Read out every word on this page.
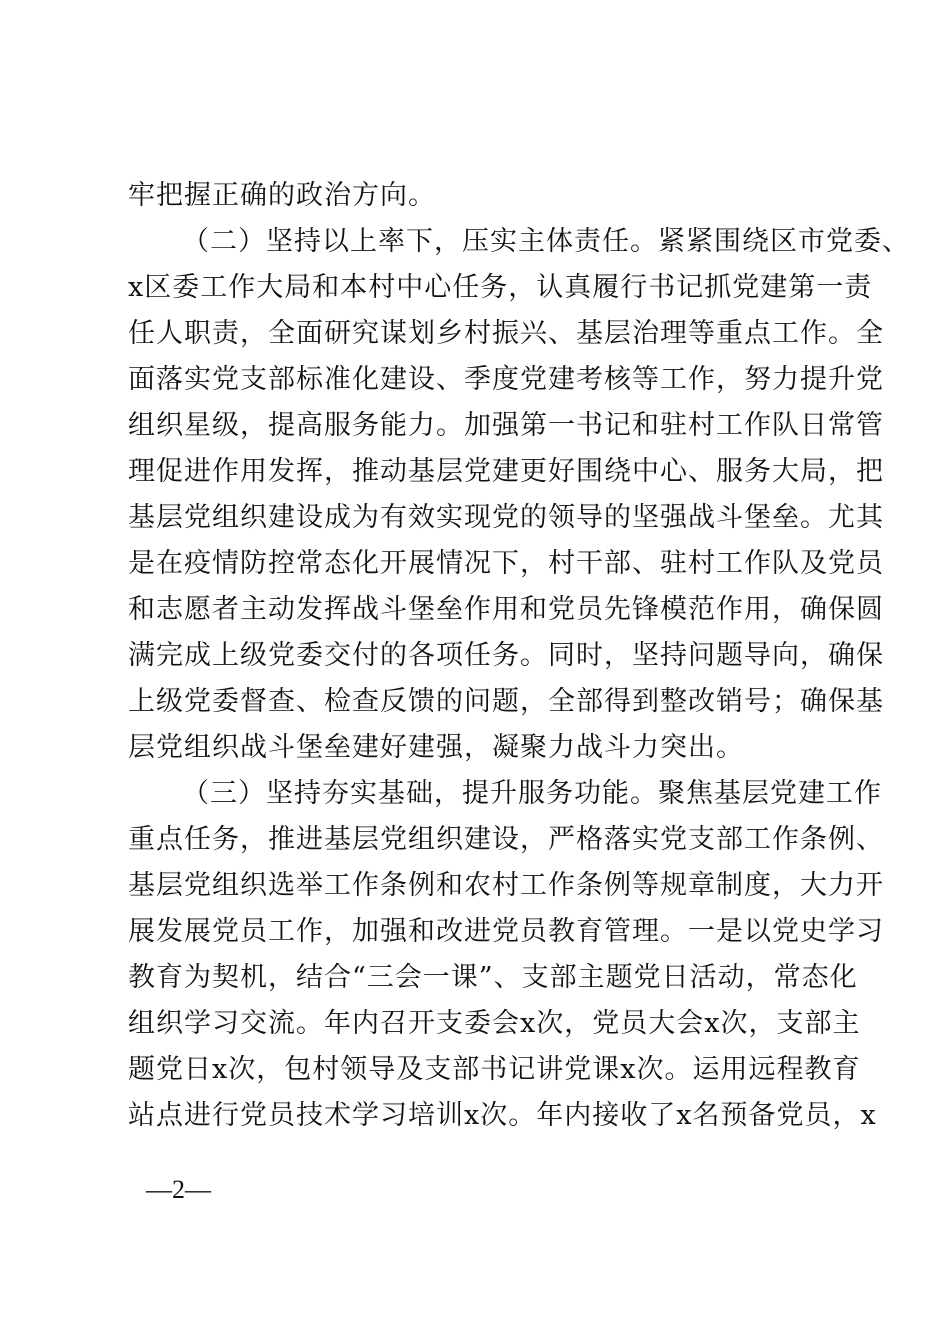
牢把握正确的政治方向。
（二）坚持以上率下，压实主体责任。紧紧围绕区市党委、
x区委工作大局和本村中心任务，认真履行书记抓党建第一责
任人职责，全面研究谋划乡村振兴、基层治理等重点工作。全
面落实党支部标准化建设、季度党建考核等工作，努力提升党
组织星级，提高服务能力。加强第一书记和驻村工作队日常管
理促进作用发挥，推动基层党建更好围绕中心、服务大局，把
基层党组织建设成为有效实现党的领导的坚强战斗堡垒。尤其
是在疫情防控常态化开展情况下，村干部、驻村工作队及党员
和志愿者主动发挥战斗堡垒作用和党员先锋模范作用，确保圆
满完成上级党委交付的各项任务。同时，坚持问题导向，确保
上级党委督查、检查反馈的问题，全部得到整改销号；确保基
层党组织战斗堡垒建好建强，凝聚力战斗力突出。
（三）坚持夯实基础，提升服务功能。聚焦基层党建工作
重点任务，推进基层党组织建设，严格落实党支部工作条例、
基层党组织选举工作条例和农村工作条例等规章制度，大力开
展发展党员工作，加强和改进党员教育管理。一是以党史学习
教育为契机，结合“三会一课”、支部主题党日活动，常态化
组织学习交流。年内召开支委会x次，党员大会x次，支部主
题党日x次，包村领导及支部书记讲党课x次。运用远程教育
站点进行党员技术学习培训x次。年内接收了x名预备党员，x
—2—
